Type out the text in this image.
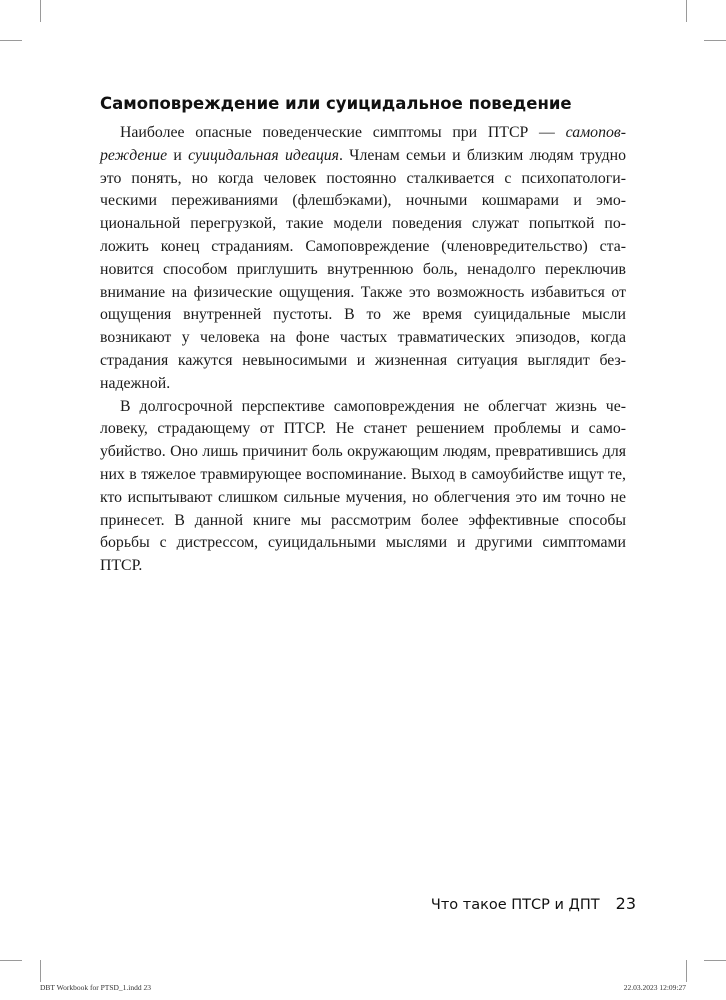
Самоповреждение или суицидальное поведение

Наиболее опасные поведенческие симптомы при ПТСР — самоповреждение и суицидальная идеация. Членам семьи и близким людям трудно это понять, но когда человек постоянно сталкивается с психопатологическими переживаниями (флешбэками), ночными кошмарами и эмоциональной перегрузкой, такие модели поведения служат попыткой положить конец страданиям. Самоповреждение (членовредительство) становится способом приглушить внутреннюю боль, ненадолго переключив внимание на физические ощущения. Также это возможность избавиться от ощущения внутренней пустоты. В то же время суицидальные мысли возникают у человека на фоне частых травматических эпизодов, когда страдания кажутся невыносимыми и жизненная ситуация выглядит безнадежной.

В долгосрочной перспективе самоповреждения не облегчат жизнь человеку, страдающему от ПТСР. Не станет решением проблемы и самоубийство. Оно лишь причинит боль окружающим людям, превратившись для них в тяжелое травмирующее воспоминание. Выход в самоубийстве ищут те, кто испытывают слишком сильные мучения, но облегчения это им точно не принесет. В данной книге мы рассмотрим более эффективные способы борьбы с дистрессом, суицидальными мыслями и другими симптомами ПТСР.

Что такое ПТСР и ДПТ 23
DBT Workbook for PTSD_1.indd 23	22.03.2023 12:09:27
